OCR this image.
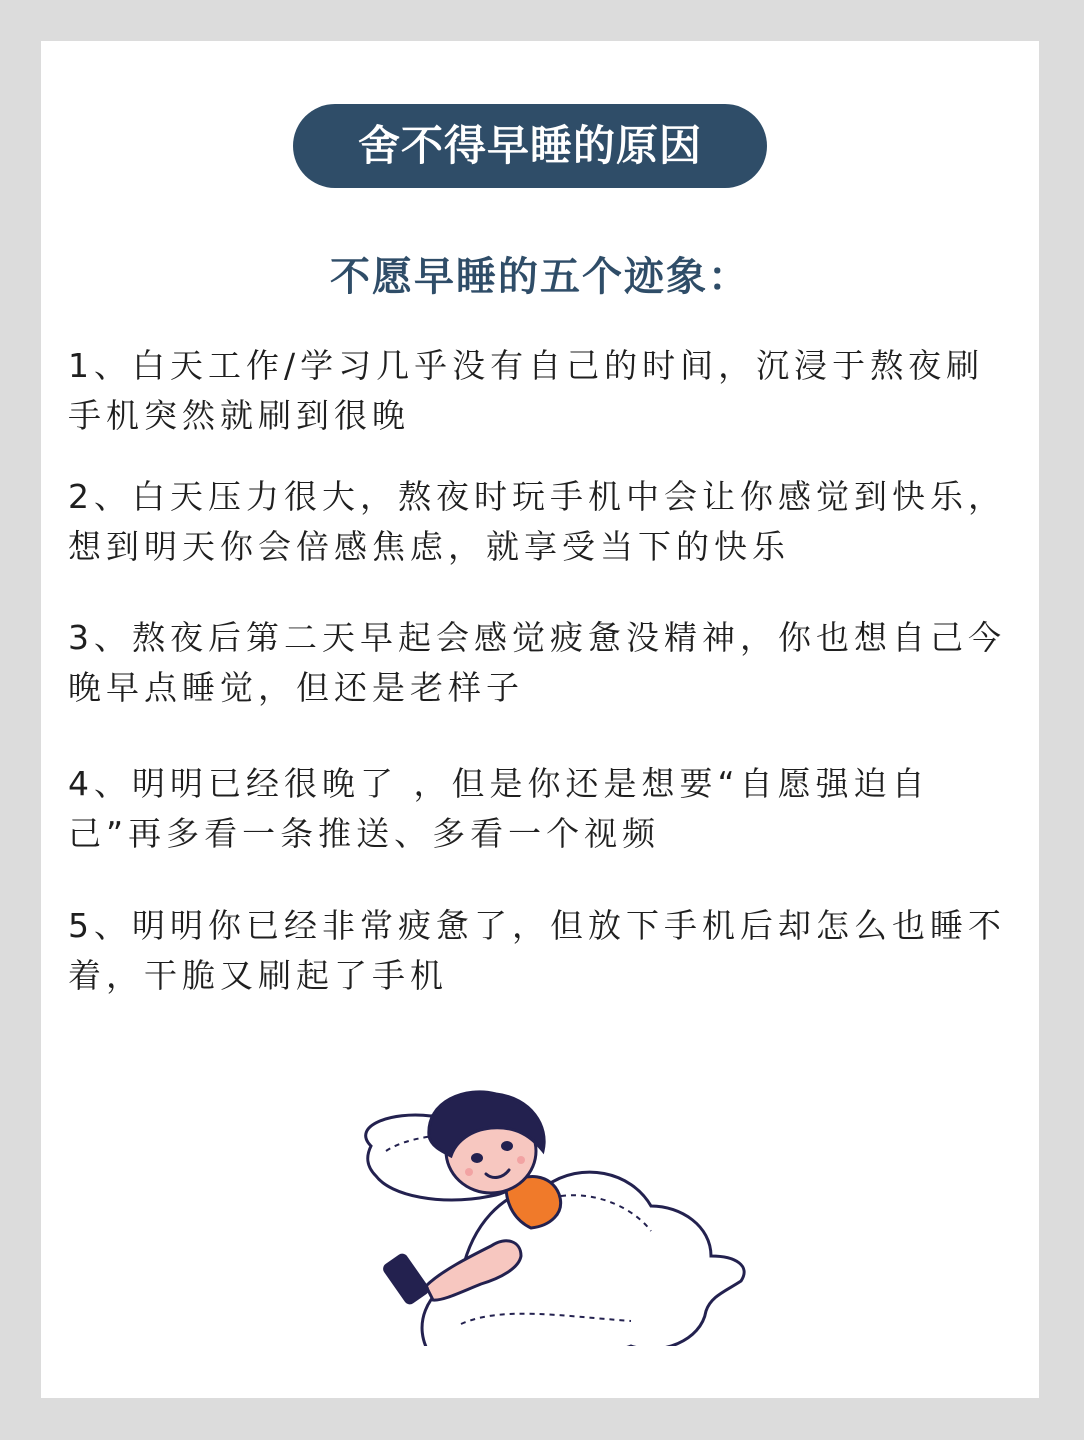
舍不得早睡的原因
不愿早睡的五个迹象：
1、白天工作/学习几乎没有自己的时间，沉浸于熬夜刷手机突然就刷到很晚
2、白天压力很大，熬夜时玩手机中会让你感觉到快乐，想到明天你会倍感焦虑，就享受当下的快乐
3、熬夜后第二天早起会感觉疲惫没精神，你也想自己今晚早点睡觉，但还是老样子
4、明明已经很晚了 ，但是你还是想要“自愿强迫自己”再多看一条推送、多看一个视频
5、明明你已经非常疲惫了，但放下手机后却怎么也睡不着，干脆又刷起了手机
